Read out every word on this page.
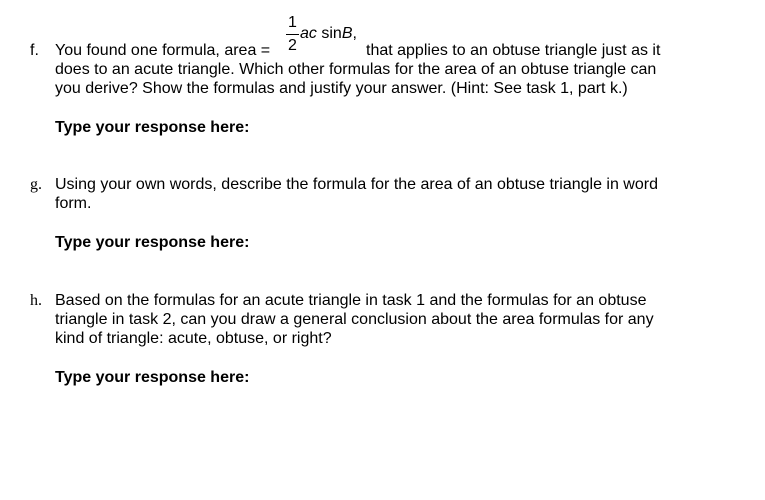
f. You found one formula, area =
1
2
ac sinB,
that applies to an obtuse triangle just as it
does to an acute triangle. Which other formulas for the area of an obtuse triangle can
you derive? Show the formulas and justify your answer. (Hint: See task 1, part k.)
Type your response here:
g. Using your own words, describe the formula for the area of an obtuse triangle in word form.
Type your response here:
h. Based on the formulas for an acute triangle in task 1 and the formulas for an obtuse triangle in task 2, can you draw a general conclusion about the area formulas for any kind of triangle: acute, obtuse, or right?
Type your response here:
